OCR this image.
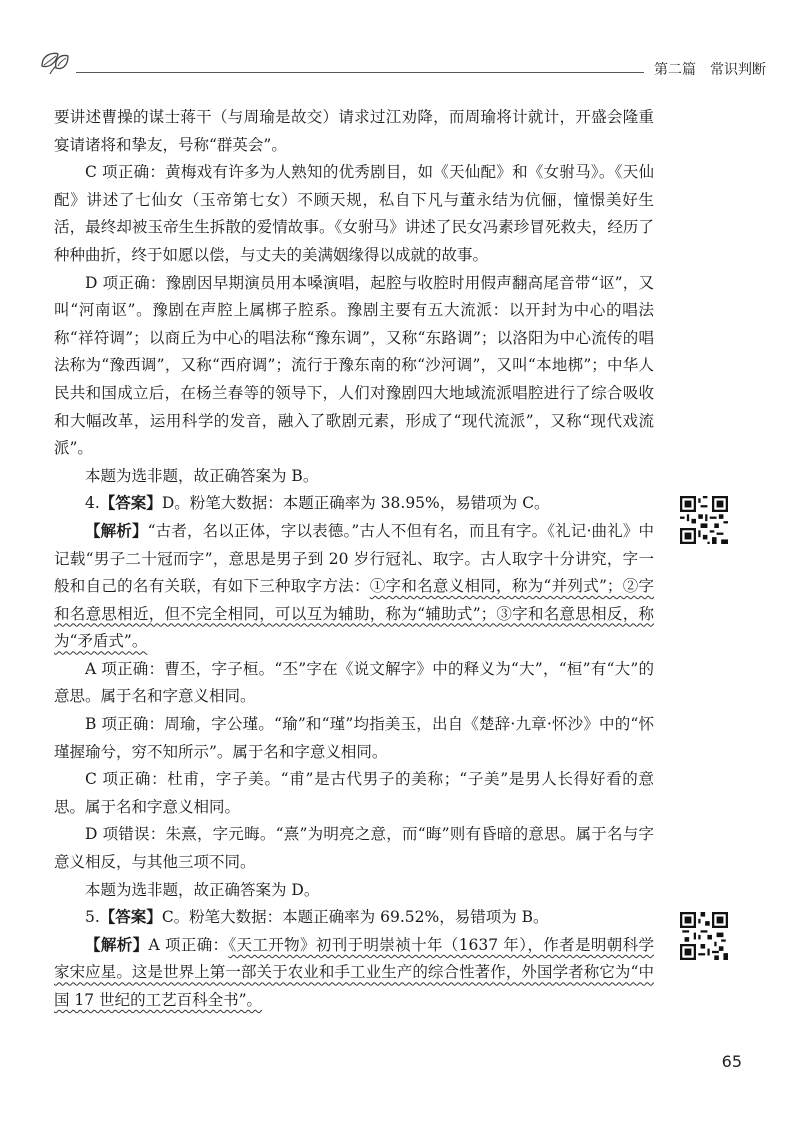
第二篇　常识判断

要讲述曹操的谋士蒋干（与周瑜是故交）请求过江劝降，而周瑜将计就计，开盛会隆重宴请诸将和挚友，号称“群英会”。

C 项正确：黄梅戏有许多为人熟知的优秀剧目，如《天仙配》和《女驸马》。《天仙配》讲述了七仙女（玉帝第七女）不顾天规，私自下凡与董永结为伉俪，憧憬美好生活，最终却被玉帝生生拆散的爱情故事。《女驸马》讲述了民女冯素珍冒死救夫，经历了种种曲折，终于如愿以偿，与丈夫的美满姻缘得以成就的故事。

D 项正确：豫剧因早期演员用本嗓演唱，起腔与收腔时用假声翻高尾音带“讴”，又叫“河南讴”。豫剧在声腔上属梆子腔系。豫剧主要有五大流派：以开封为中心的唱法称“祥符调”；以商丘为中心的唱法称“豫东调”，又称“东路调”；以洛阳为中心流传的唱法称为“豫西调”，又称“西府调”；流行于豫东南的称“沙河调”，又叫“本地梆”；中华人民共和国成立后，在杨兰春等的领导下，人们对豫剧四大地域流派唱腔进行了综合吸收和大幅改革，运用科学的发音，融入了歌剧元素，形成了“现代流派”，又称“现代戏流派”。

本题为选非题，故正确答案为 B。

4.【答案】D。粉笔大数据：本题正确率为 38.95%，易错项为 C。

【解析】“古者，名以正体，字以表德。”古人不但有名，而且有字。《礼记·曲礼》中记载“男子二十冠而字”，意思是男子到 20 岁行冠礼、取字。古人取字十分讲究，字一般和自己的名有关联，有如下三种取字方法：①字和名意义相同，称为“并列式”；②字和名意思相近，但不完全相同，可以互为辅助，称为“辅助式”；③字和名意思相反，称为“矛盾式”。

A 项正确：曹丕，字子桓。“丕”字在《说文解字》中的释义为“大”，“桓”有“大”的意思。属于名和字意义相同。

B 项正确：周瑜，字公瑾。“瑜”和“瑾”均指美玉，出自《楚辞·九章·怀沙》中的“怀瑾握瑜兮，穷不知所示”。属于名和字意义相同。

C 项正确：杜甫，字子美。“甫”是古代男子的美称；“子美”是男人长得好看的意思。属于名和字意义相同。

D 项错误：朱熹，字元晦。“熹”为明亮之意，而“晦”则有昏暗的意思。属于名与字意义相反，与其他三项不同。

本题为选非题，故正确答案为 D。

5.【答案】C。粉笔大数据：本题正确率为 69.52%，易错项为 B。

【解析】A 项正确：《天工开物》初刊于明崇祯十年（1637 年），作者是明朝科学家宋应星。这是世界上第一部关于农业和手工业生产的综合性著作，外国学者称它为“中国 17 世纪的工艺百科全书”。

65
